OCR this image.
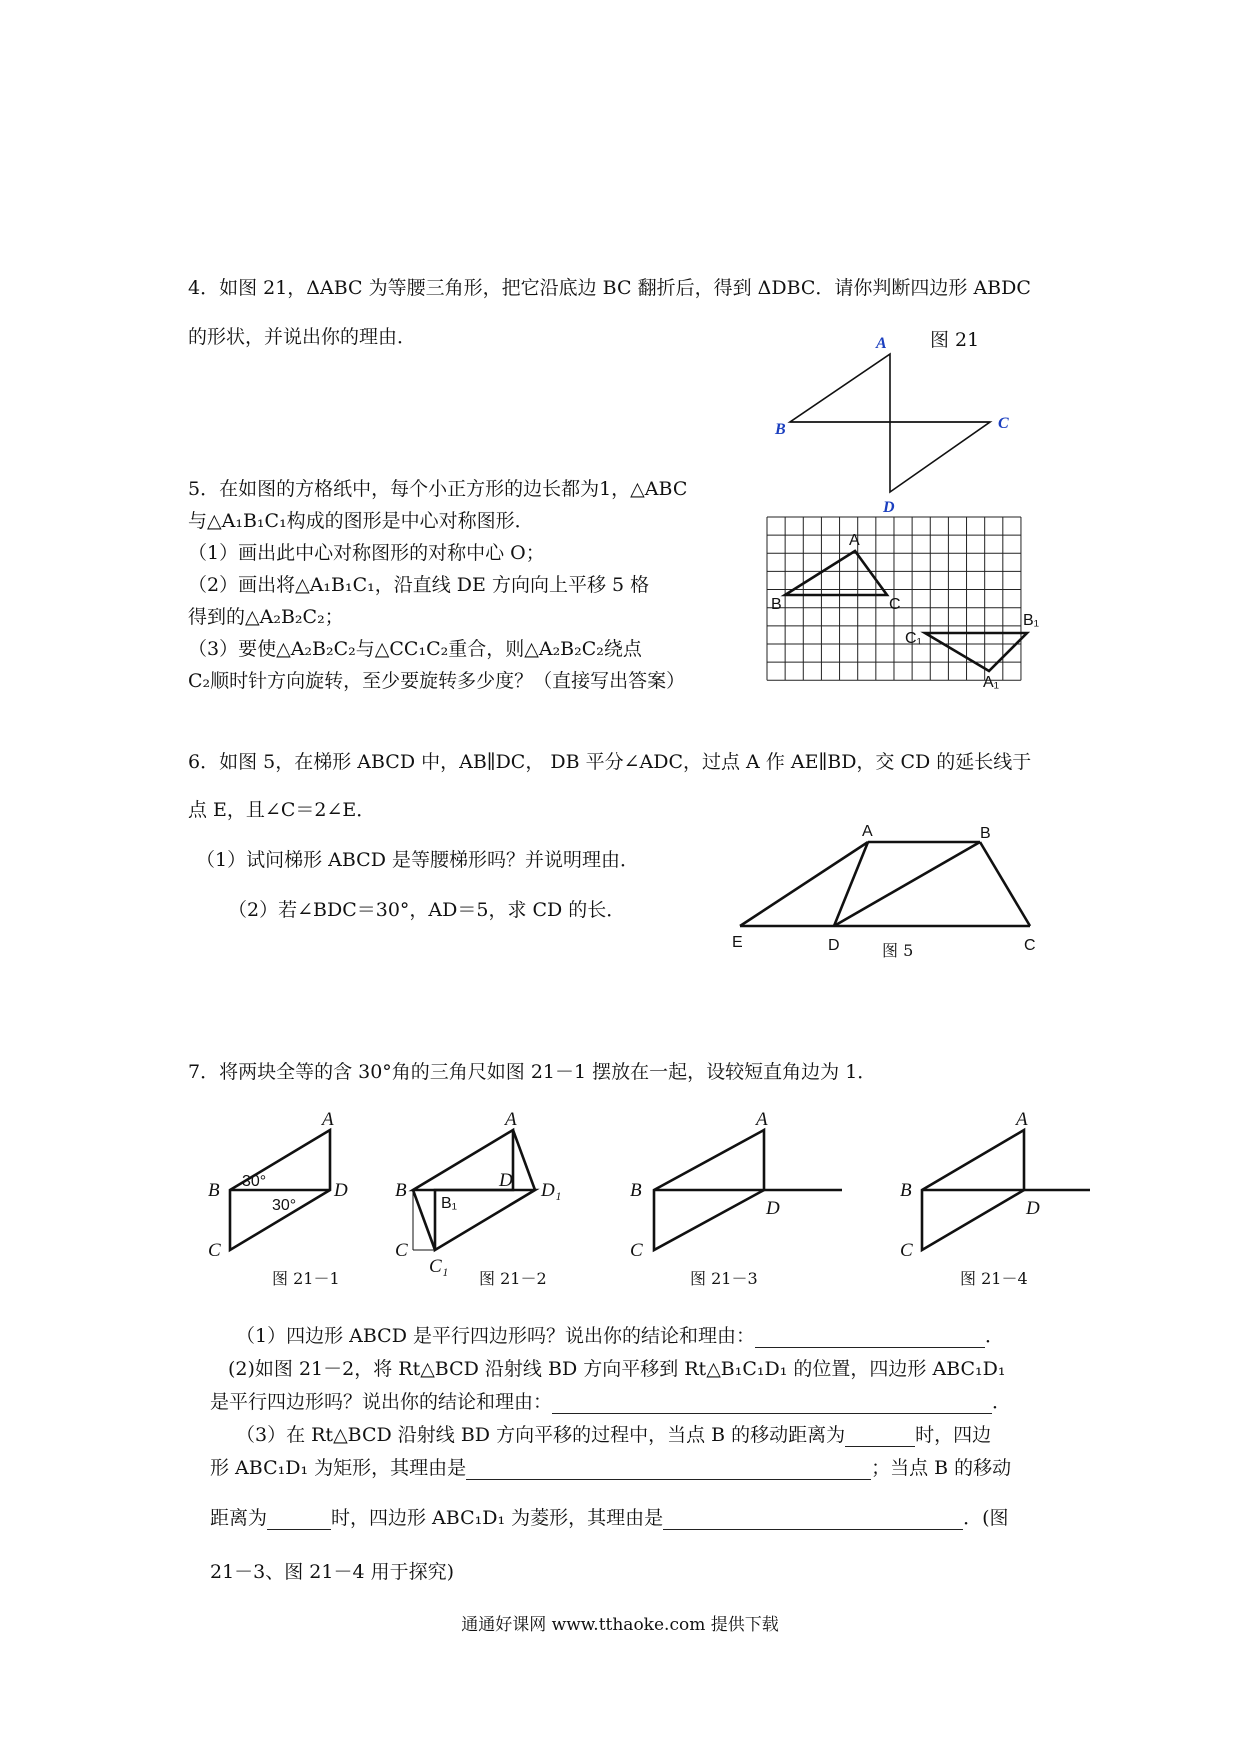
4．如图 21，ΔABC 为等腰三角形，把它沿底边 BC 翻折后，得到 ΔDBC．请你判断四边形 ABDC
的形状，并说出你的理由．	A
B	C
D
图 21
5．在如图的方格纸中，每个小正方形的边长都为1，△ABC
与△A₁B₁C₁构成的图形是中心对称图形．
（1）画出此中心对称图形的对称中心 O；
（2）画出将△A₁B₁C₁，沿直线 DE 方向向上平移 5 格
得到的△A₂B₂C₂；
（3）要使△A₂B₂C₂与△CC₁C₂重合，则△A₂B₂C₂绕点
C₂顺时针方向旋转，至少要旋转多少度？（直接写出答案）
A
B	C
C₁
B₁
A₁
6．如图 5，在梯形 ABCD 中，AB∥DC， DB 平分∠ADC，过点 A 作 AE∥BD，交 CD 的延长线于
点 E，且∠C＝2∠E．
（1）试问梯形 ABCD 是等腰梯形吗？并说明理由．
（2）若∠BDC＝30°，AD＝5，求 CD 的长．
A	B
E	D	C
图 5
7．将两块全等的含 30°角的三角尺如图 21－1 摆放在一起，设较短直角边为 1．
A
B	D
C
30°
30°
图 21－1
A
B	D D₁
C
B₁
C₁
图 21－2
A
B
D
C
图 21－3
A
B
D
C
图 21－4
（1）四边形 ABCD 是平行四边形吗？说出你的结论和理由：	．
(2)如图 21－2，将 Rt△BCD 沿射线 BD 方向平移到 Rt△B₁C₁D₁ 的位置，四边形 ABC₁D₁
是平行四边形吗？说出你的结论和理由：	．
（3）在 Rt△BCD 沿射线 BD 方向平移的过程中，当点 B 的移动距离为	时，四边
形 ABC₁D₁ 为矩形，其理由是	；当点 B 的移动
距离为	时，四边形 ABC₁D₁ 为菱形，其理由是	．(图
21－3、图 21－4 用于探究)
通通好课网 www.tthaoke.com 提供下载
